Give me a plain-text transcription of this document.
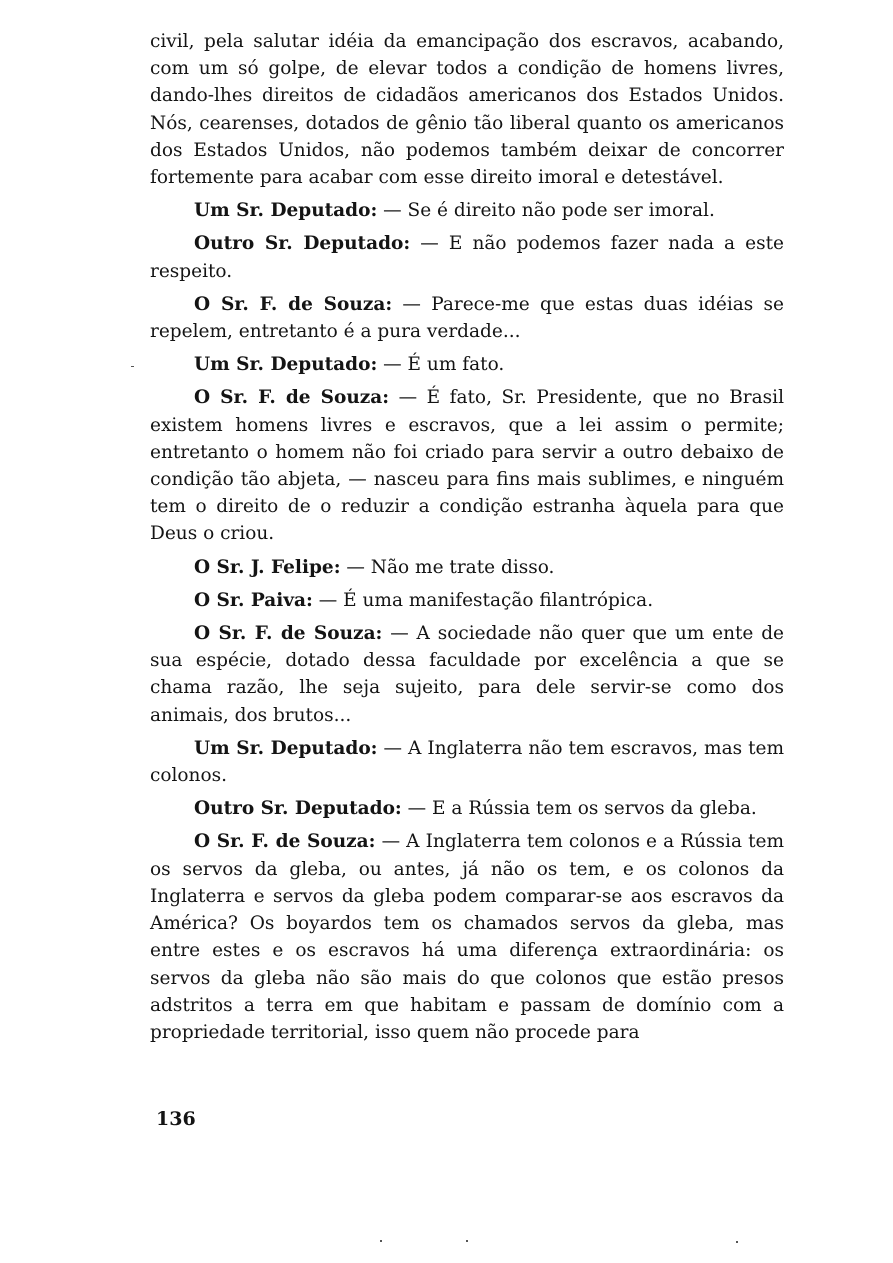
civil, pela salutar idéia da emancipação dos escravos, acabando, com um só golpe, de elevar todos a condição de homens livres, dando-lhes direitos de cidadãos americanos dos Estados Unidos. Nós, cearenses, dotados de gênio tão liberal quanto os americanos dos Estados Unidos, não podemos também deixar de concorrer fortemente para acabar com esse direito imoral e detestável.

Um Sr. Deputado: — Se é direito não pode ser imoral.

Outro Sr. Deputado: — E não podemos fazer nada a este respeito.

O Sr. F. de Souza: — Parece-me que estas duas idéias se repelem, entretanto é a pura verdade...

Um Sr. Deputado: — É um fato.

O Sr. F. de Souza: — É fato, Sr. Presidente, que no Brasil existem homens livres e escravos, que a lei assim o permite; entretanto o homem não foi criado para servir a outro debaixo de condição tão abjeta, — nasceu para fins mais sublimes, e ninguém tem o direito de o reduzir a condição estranha àquela para que Deus o criou.

O Sr. J. Felipe: — Não me trate disso.

O Sr. Paiva: — É uma manifestação filantrópica.

O Sr. F. de Souza: — A sociedade não quer que um ente de sua espécie, dotado dessa faculdade por excelência a que se chama razão, lhe seja sujeito, para dele servir-se como dos animais, dos brutos...

Um Sr. Deputado: — A Inglaterra não tem escravos, mas tem colonos.

Outro Sr. Deputado: — E a Rússia tem os servos da gleba.

O Sr. F. de Souza: — A Inglaterra tem colonos e a Rússia tem os servos da gleba, ou antes, já não os tem, e os colonos da Inglaterra e servos da gleba podem comparar-se aos escravos da América? Os boyardos tem os chamados servos da gleba, mas entre estes e os escravos há uma diferença extraordinária: os servos da gleba não são mais do que colonos que estão presos adstritos a terra em que habitam e passam de domínio com a propriedade territorial, isso quem não procede para

136
